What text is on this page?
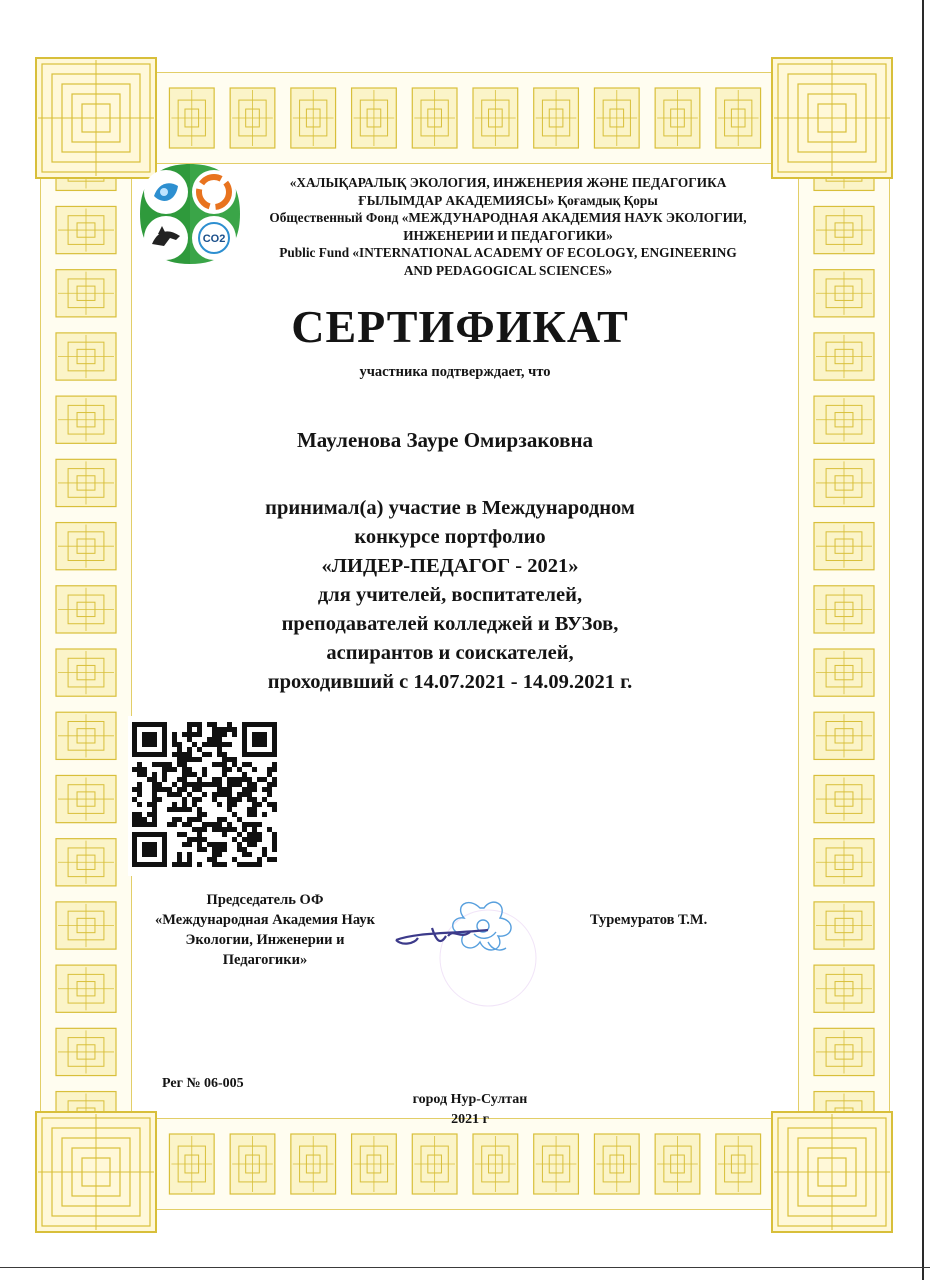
CO2
«ХАЛЫҚАРАЛЫҚ ЭКОЛОГИЯ, ИНЖЕНЕРИЯ ЖӘНЕ ПЕДАГОГИКА
ҒЫЛЫМДАР АКАДЕМИЯСЫ» Қоғамдық Қоры
Общественный Фонд «МЕЖДУНАРОДНАЯ АКАДЕМИЯ НАУК ЭКОЛОГИИ,
ИНЖЕНЕРИИ И ПЕДАГОГИКИ»
Public Fund «INTERNATIONAL ACADEMY OF ECOLOGY, ENGINEERING
AND PEDAGOGICAL SCIENCES»
СЕРТИФИКАТ
участника подтверждает, что
Мауленова Зауре Омирзаковна
принимал(а) участие в Международном
конкурсе портфолио
«ЛИДЕР-ПЕДАГОГ - 2021»
для учителей, воспитателей,
преподавателей колледжей и ВУЗов,
аспирантов и соискателей,
проходивший с 14.07.2021 - 14.09.2021 г.
Председатель ОФ
«Международная Академия Наук
Экологии, Инженерии и
Педагогики»
Туремуратов Т.М.
Рег № 06-005
город Нур-Султан
2021 г
